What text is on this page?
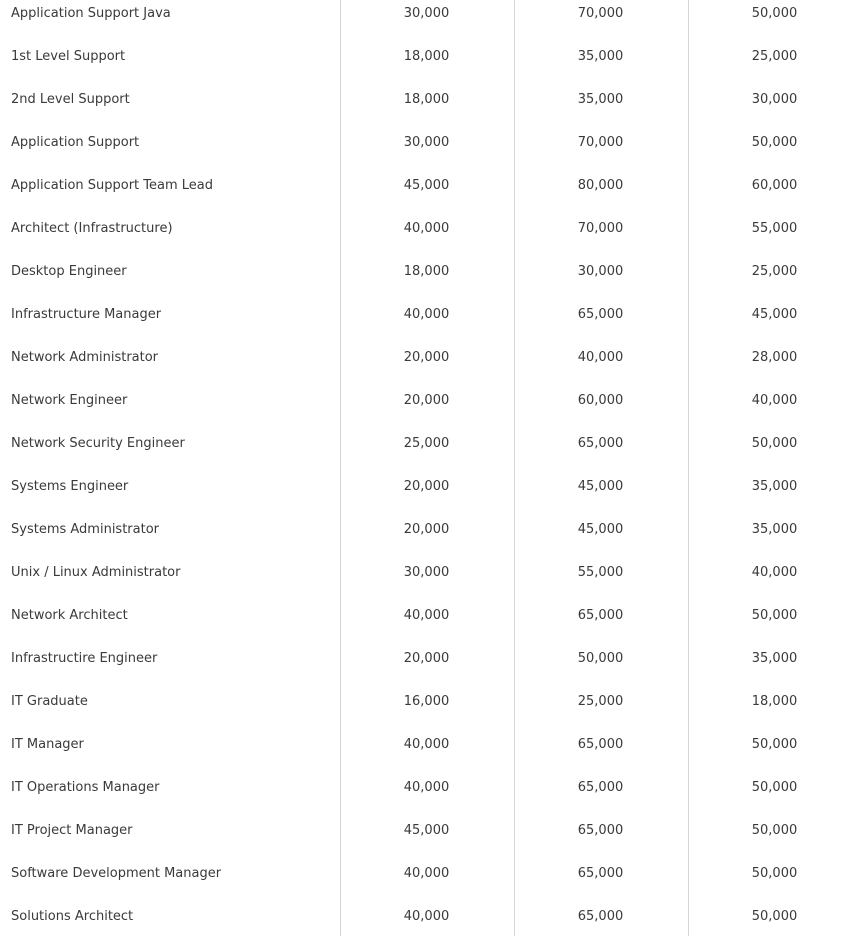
Application Support Java	30,000	70,000	50,000
1st Level Support	18,000	35,000	25,000
2nd Level Support	18,000	35,000	30,000
Application Support	30,000	70,000	50,000
Application Support Team Lead	45,000	80,000	60,000
Architect (Infrastructure)	40,000	70,000	55,000
Desktop Engineer	18,000	30,000	25,000
Infrastructure Manager	40,000	65,000	45,000
Network Administrator	20,000	40,000	28,000
Network Engineer	20,000	60,000	40,000
Network Security Engineer	25,000	65,000	50,000
Systems Engineer	20,000	45,000	35,000
Systems Administrator	20,000	45,000	35,000
Unix / Linux Administrator	30,000	55,000	40,000
Network Architect	40,000	65,000	50,000
Infrastructire Engineer	20,000	50,000	35,000
IT Graduate	16,000	25,000	18,000
IT Manager	40,000	65,000	50,000
IT Operations Manager	40,000	65,000	50,000
IT Project Manager	45,000	65,000	50,000
Software Development Manager	40,000	65,000	50,000
Solutions Architect	40,000	65,000	50,000
